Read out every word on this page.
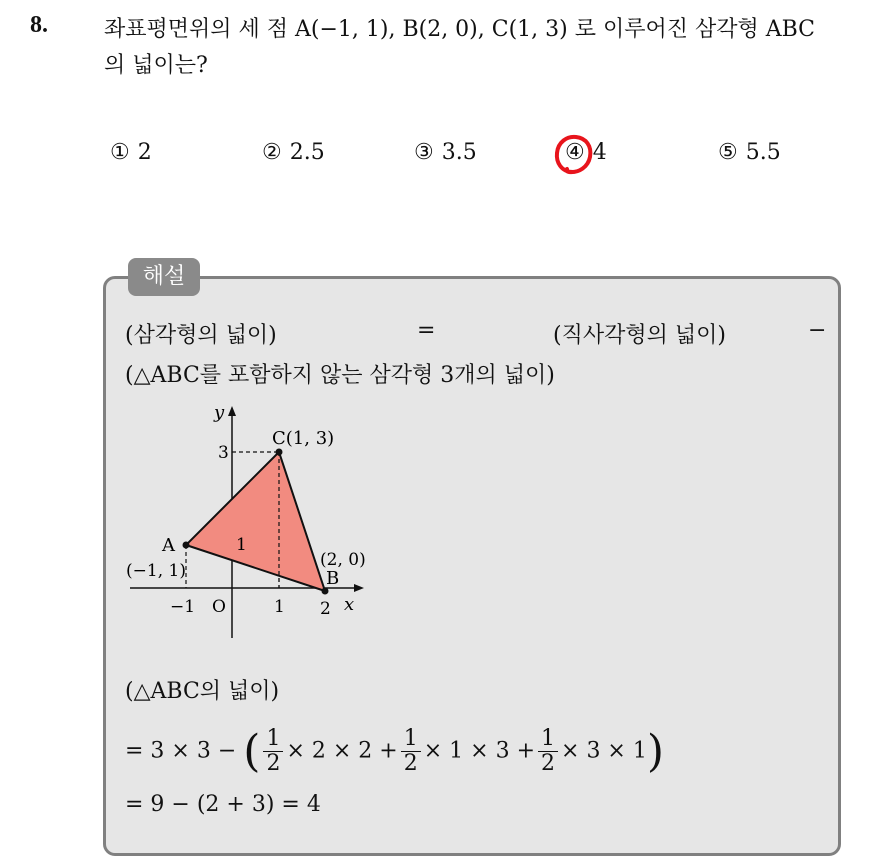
8.	좌표평면위의 세 점 A(−1, 1), B(2, 0), C(1, 3) 로 이루어진 삼각형 ABC
의 넓이는?
① 2	② 2.5	③ 3.5	④ 4	⑤ 5.5
해설
(삼각형의 넓이)	=	(직사각형의 넓이)	−
(△ABC를 포함하지 않는 삼각형 3개의 넓이)
y
x
C(1, 3)
3
1
A
(−1, 1)
(2, 0)
B
−1 O	1 2
(△ABC의 넓이)
= 3 × 3 − ( $\frac{1}{2} \times 2 \times 2 + \frac{1}{2} \times 1 \times 3 + \frac{1}{2} \times 3 \times 1$)
= 9 − (2 + 3) = 4
